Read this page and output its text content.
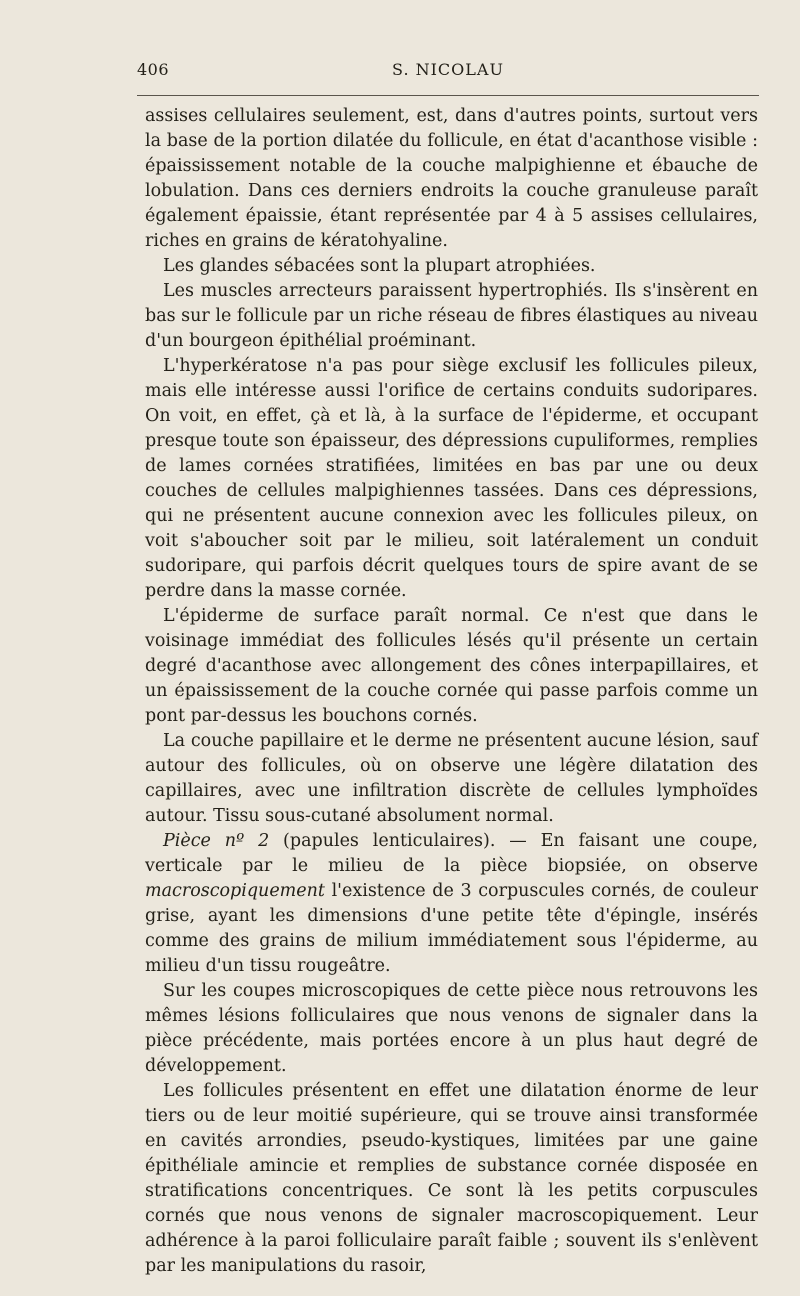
406	S. NICOLAU

assises cellulaires seulement, est, dans d'autres points, surtout vers la base de la portion dilatée du follicule, en état d'acanthose visible : épaississement notable de la couche malpighienne et ébauche de lobulation. Dans ces derniers endroits la couche granuleuse paraît également épaissie, étant représentée par 4 à 5 assises cellulaires, riches en grains de kératohyaline.

Les glandes sébacées sont la plupart atrophiées.

Les muscles arrecteurs paraissent hypertrophiés. Ils s'insèrent en bas sur le follicule par un riche réseau de fibres élastiques au niveau d'un bourgeon épithélial proéminant.

L'hyperkératose n'a pas pour siège exclusif les follicules pileux, mais elle intéresse aussi l'orifice de certains conduits sudoripares. On voit, en effet, çà et là, à la surface de l'épiderme, et occupant presque toute son épaisseur, des dépressions cupuliformes, remplies de lames cornées stratifiées, limitées en bas par une ou deux couches de cellules malpighiennes tassées. Dans ces dépressions, qui ne présentent aucune connexion avec les follicules pileux, on voit s'aboucher soit par le milieu, soit latéralement un conduit sudoripare, qui parfois décrit quelques tours de spire avant de se perdre dans la masse cornée.

L'épiderme de surface paraît normal. Ce n'est que dans le voisinage immédiat des follicules lésés qu'il présente un certain degré d'acanthose avec allongement des cônes interpapillaires, et un épaississement de la couche cornée qui passe parfois comme un pont par-dessus les bouchons cornés.

La couche papillaire et le derme ne présentent aucune lésion, sauf autour des follicules, où on observe une légère dilatation des capillaires, avec une infiltration discrète de cellules lymphoïdes autour. Tissu sous-cutané absolument normal.

Pièce nº 2 (papules lenticulaires). — En faisant une coupe, verticale par le milieu de la pièce biopsiée, on observe macroscopiquement l'existence de 3 corpuscules cornés, de couleur grise, ayant les dimensions d'une petite tête d'épingle, insérés comme des grains de milium immédiatement sous l'épiderme, au milieu d'un tissu rougeâtre.

Sur les coupes microscopiques de cette pièce nous retrouvons les mêmes lésions folliculaires que nous venons de signaler dans la pièce précédente, mais portées encore à un plus haut degré de développement.

Les follicules présentent en effet une dilatation énorme de leur tiers ou de leur moitié supérieure, qui se trouve ainsi transformée en cavités arrondies, pseudo-kystiques, limitées par une gaine épithéliale amincie et remplies de substance cornée disposée en stratifications concentriques. Ce sont là les petits corpuscules cornés que nous venons de signaler macroscopiquement. Leur adhérence à la paroi folliculaire paraît faible ; souvent ils s'enlèvent par les manipulations du rasoir,
